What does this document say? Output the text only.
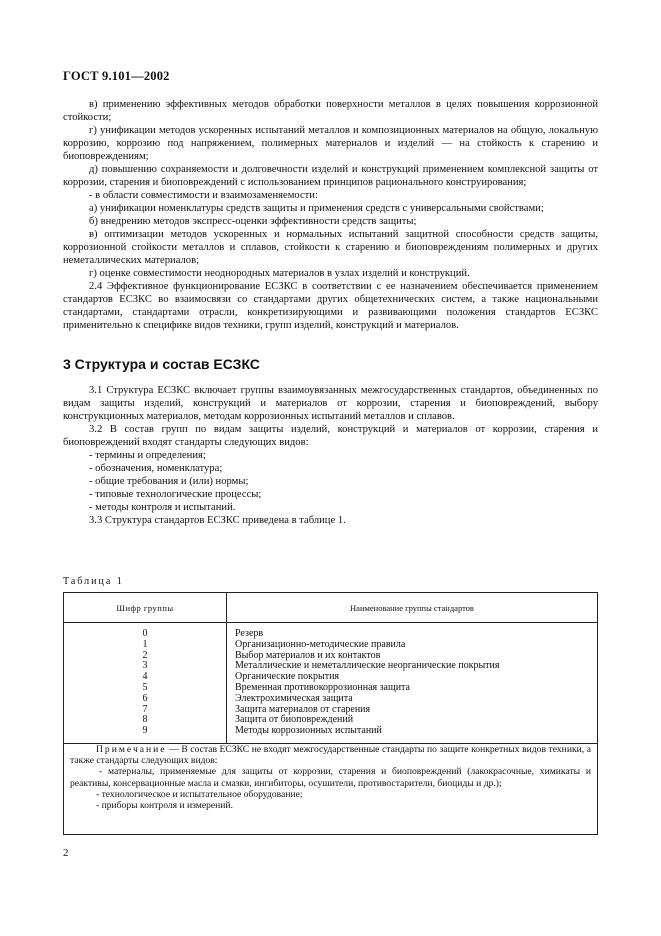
ГОСТ 9.101—2002

в) применению эффективных методов обработки поверхности металлов в целях повышения коррозионной стойкости;

г) унификации методов ускоренных испытаний металлов и композиционных материалов на общую, локальную коррозию, коррозию под напряжением, полимерных материалов и изделий — на стойкость к старению и биоповреждениям;

д) повышению сохраняемости и долговечности изделий и конструкций применением комплексной защиты от коррозии, старения и биоповреждений с использованием принципов рационального конструирования;

- в области совместимости и взаимозаменяемости:

а) унификации номенклатуры средств защиты и применения средств с универсальными свойствами;

б) внедрению методов экспресс-оценки эффективности средств защиты;

в) оптимизации методов ускоренных и нормальных испытаний защитной способности средств защиты, коррозионной стойкости металлов и сплавов, стойкости к старению и биоповреждениям полимерных и других неметаллических материалов;

г) оценке совместимости неоднородных материалов в узлах изделий и конструкций.

2.4 Эффективное функционирование ЕСЗКС в соответствии с ее назначением обеспечивается применением стандартов ЕСЗКС во взаимосвязи со стандартами других общетехнических систем, а также национальными стандартами, стандартами отрасли, конкретизирующими и развивающими положения стандартов ЕСЗКС применительно к специфике видов техники, групп изделий, конструкций и материалов.

3 Структура и состав ЕСЗКС

3.1 Структура ЕСЗКС включает группы взаимоувязанных межгосударственных стандартов, объединенных по видам защиты изделий, конструкций и материалов от коррозии, старения и биоповреждений, выбору конструкционных материалов, методам коррозионных испытаний металлов и сплавов.

3.2 В состав групп по видам защиты изделий, конструкций и материалов от коррозии, старения и биоповреждений входят стандарты следующих видов:

- термины и определения;

- обозначения, номенклатура;

- общие требования и (или) нормы;

- типовые технологические процессы;

- методы контроля и испытаний.

3.3 Структура стандартов ЕСЗКС приведена в таблице 1.

Таблица 1
Шифр группы	Наименование группы стандартов
0
1
2
3
4
5
6
7
8
9
Резерв
Организационно-методические правила
Выбор материалов и их контактов
Металлические и неметаллические неорганические покрытия
Органические покрытия
Временная противокоррозионная защита
Электрохимическая защита
Защита материалов от старения
Защита от биоповреждений
Методы коррозионных испытаний

Примечание — В состав ЕСЗКС не входят межгосударственные стандарты по защите конкретных видов техники, а также стандарты следующих видов:

- материалы, применяемые для защиты от коррозии, старения и биоповреждений (лакокрасочные, химикаты и реактивы, консервационные масла и смазки, ингибиторы, осушители, противостарители, биоциды и др.);

- технологическое и испытательное оборудование;

- приборы контроля и измерений.

2
